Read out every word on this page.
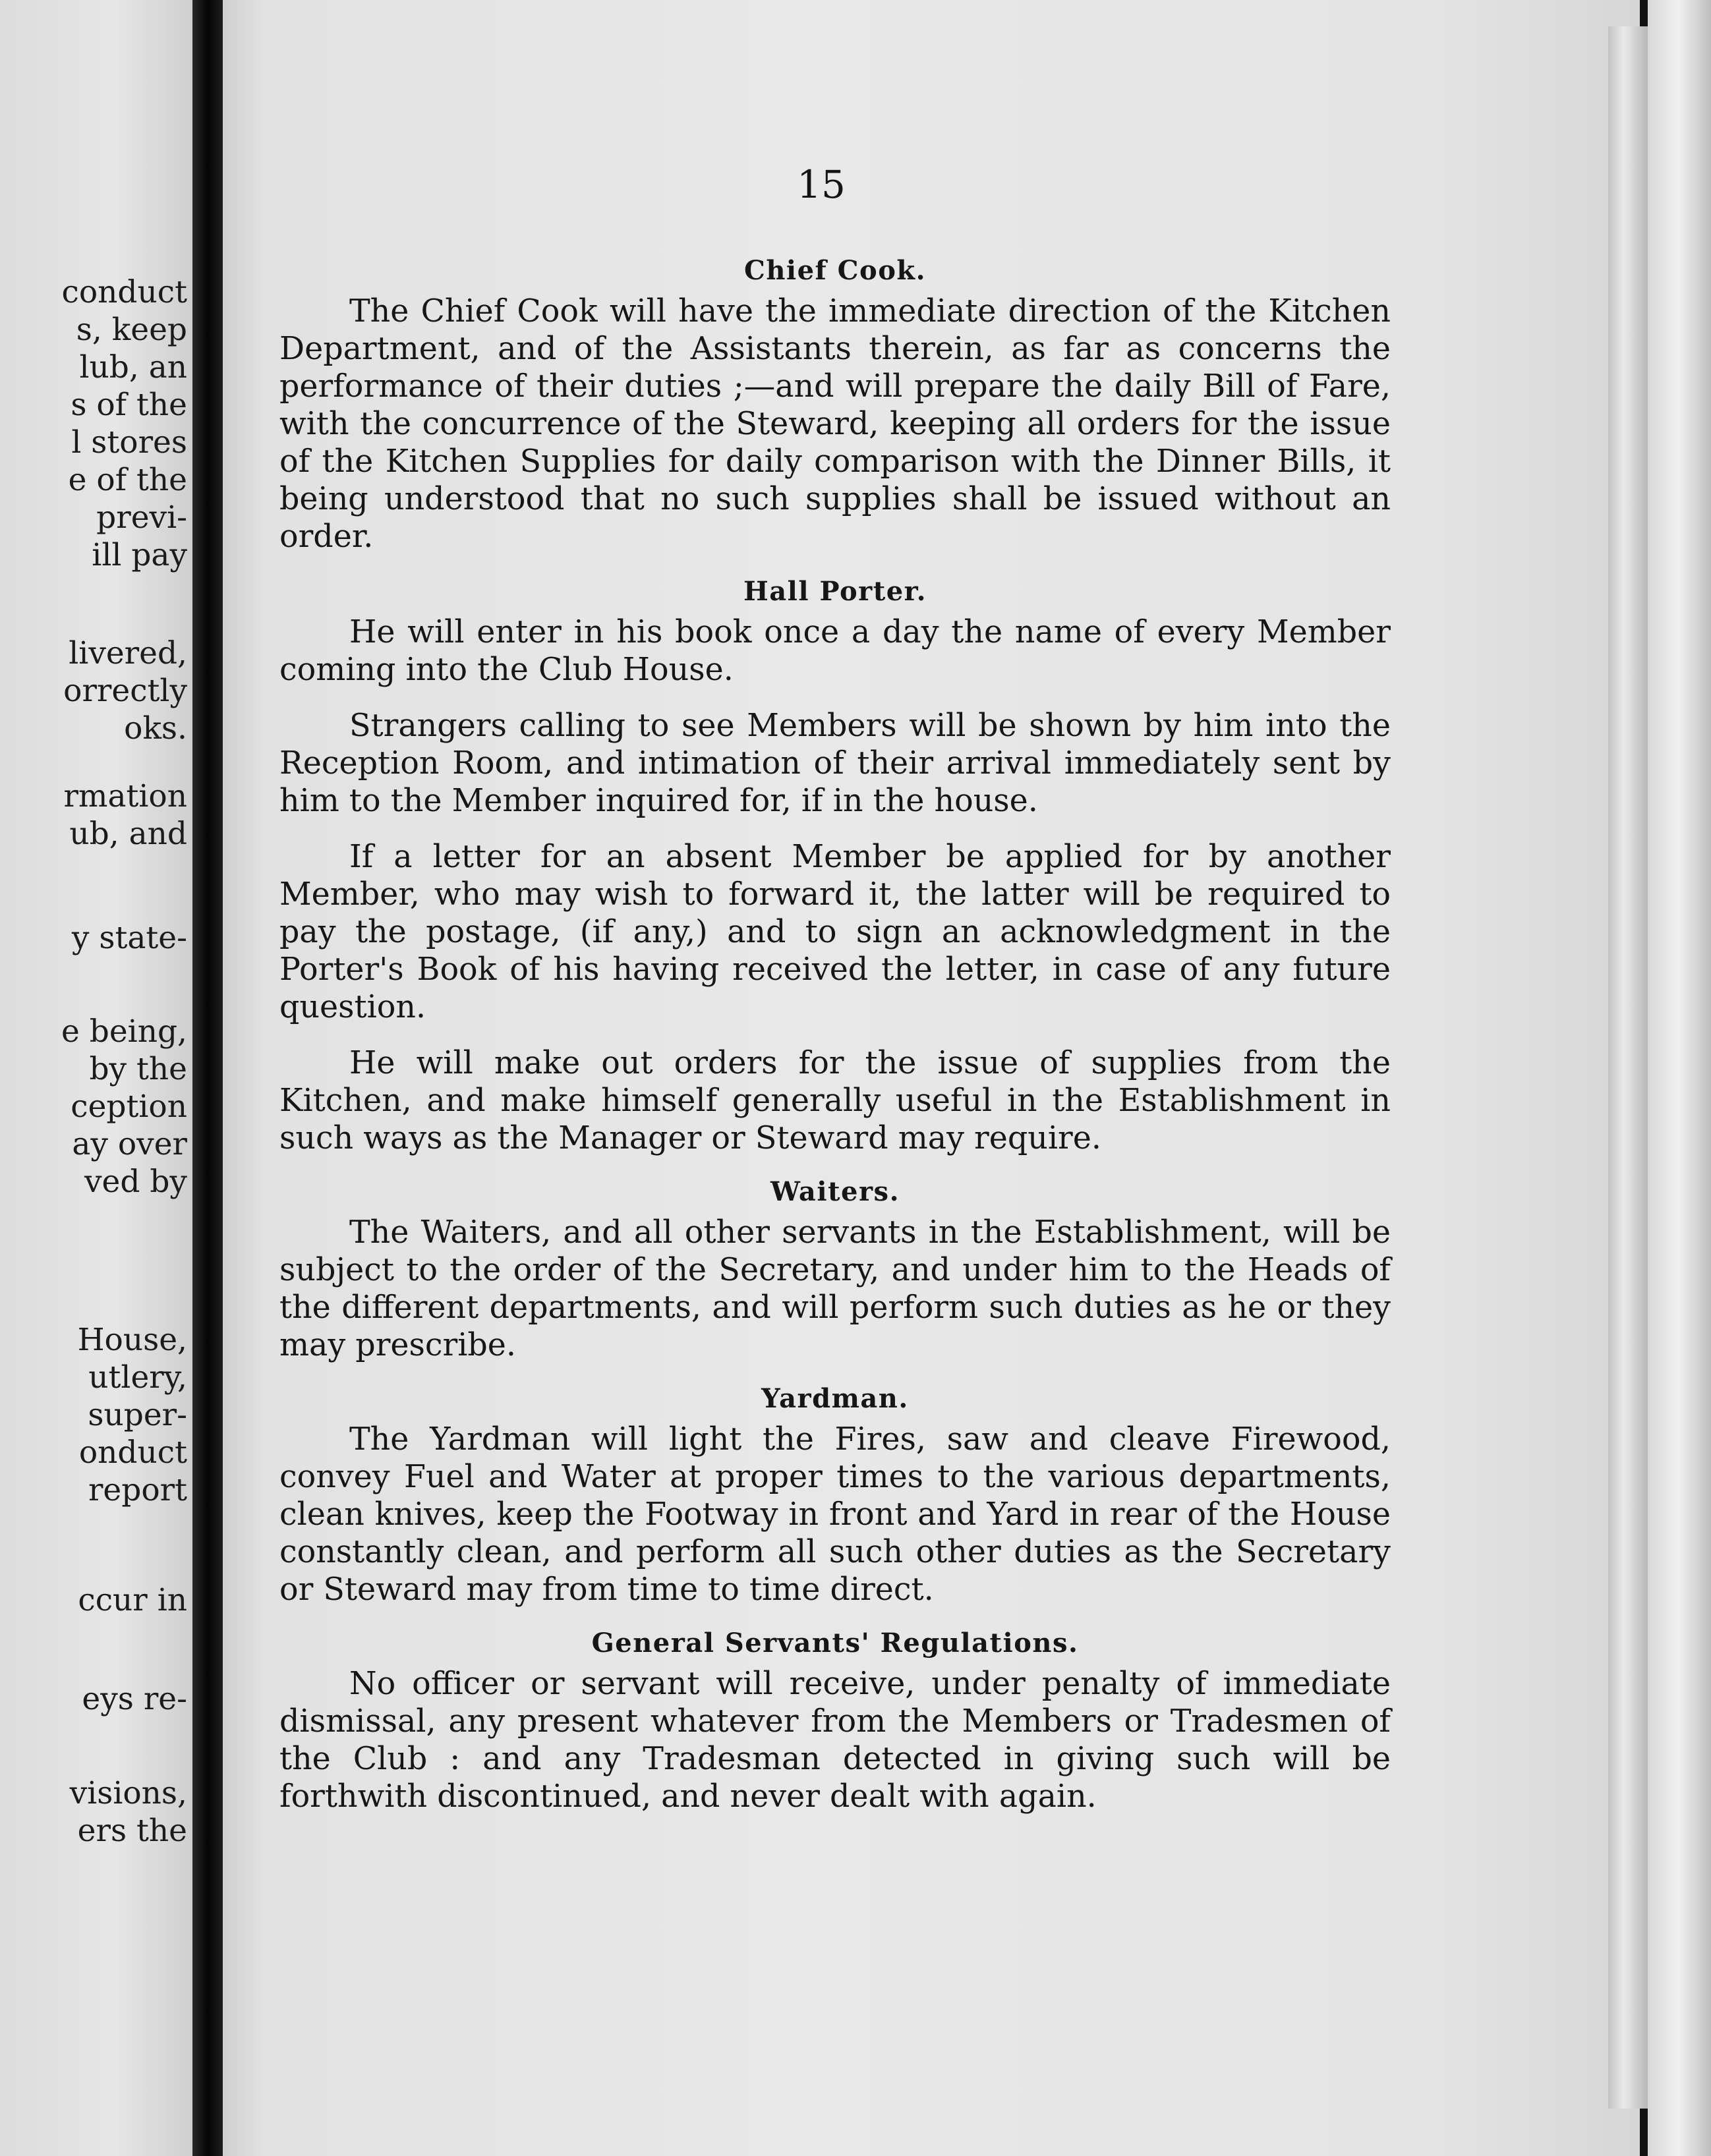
conduct
s, keep
lub, an
s of the
l stores
e of the
previ-
ill pay
livered,
orrectly
oks.
rmation
ub, and
y state-
e being,
by the
ception
ay over
ved by
House,
utlery,
super-
onduct
report
ccur in
eys re-
visions,
ers the
15
Chief Cook.

The Chief Cook will have the immediate direction of the Kitchen Department, and of the Assistants therein, as far as concerns the performance of their duties ;—and will prepare the daily Bill of Fare, with the concurrence of the Steward, keeping all orders for the issue of the Kitchen Supplies for daily comparison with the Dinner Bills, it being understood that no such supplies shall be issued without an order.

Hall Porter.

He will enter in his book once a day the name of every Member coming into the Club House.

Strangers calling to see Members will be shown by him into the Reception Room, and intimation of their arrival immediately sent by him to the Member inquired for, if in the house.

If a letter for an absent Member be applied for by another Member, who may wish to forward it, the latter will be required to pay the postage, (if any,) and to sign an acknowledgment in the Porter's Book of his having received the letter, in case of any future question.

He will make out orders for the issue of supplies from the Kitchen, and make himself generally useful in the Establishment in such ways as the Manager or Steward may require.

Waiters.

The Waiters, and all other servants in the Establishment, will be subject to the order of the Secretary, and under him to the Heads of the different departments, and will perform such duties as he or they may prescribe.

Yardman.

The Yardman will light the Fires, saw and cleave Firewood, convey Fuel and Water at proper times to the various departments, clean knives, keep the Footway in front and Yard in rear of the House constantly clean, and perform all such other duties as the Secretary or Steward may from time to time direct.

General Servants' Regulations.

No officer or servant will receive, under penalty of immediate dismissal, any present whatever from the Members or Tradesmen of the Club : and any Tradesman detected in giving such will be forthwith discontinued, and never dealt with again.
